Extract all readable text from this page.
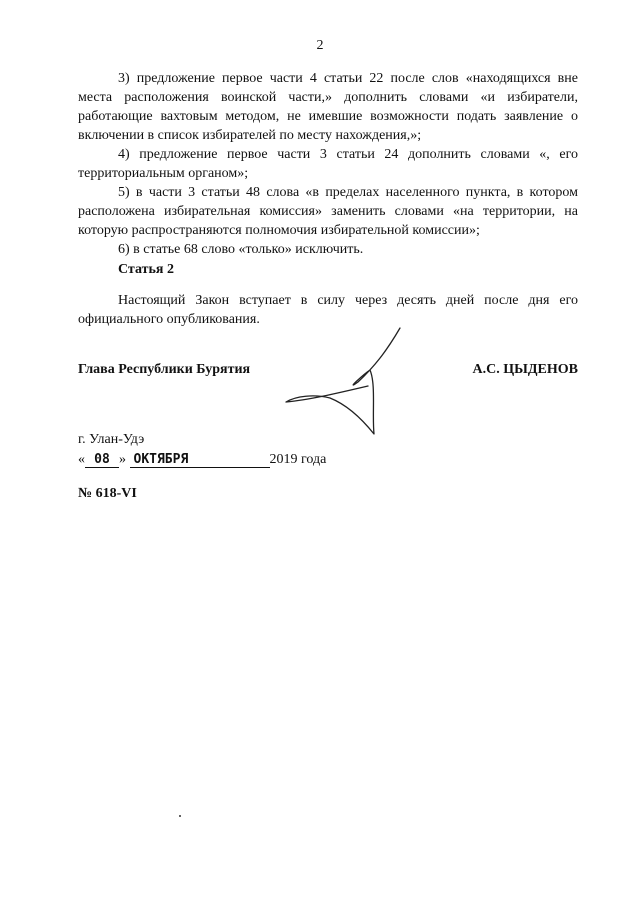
2

3) предложение первое части 4 статьи 22 после слов «находящихся вне места расположения воинской части,» дополнить словами «и избиратели, работающие вахтовым методом, не имевшие возможности подать заявление о включении в список избирателей по месту нахождения,»;

4) предложение первое части 3 статьи 24 дополнить словами «, его территориальным органом»;

5) в части 3 статьи 48 слова «в пределах населенного пункта, в котором расположена избирательная комиссия» заменить словами «на территории, на которую распространяются полномочия избирательной комиссии»;

6) в статье 68 слово «только» исключить.

Статья 2

Настоящий Закон вступает в силу через десять дней после дня его официального опубликования.

Глава Республики Бурятия	А.С. ЦЫДЕНОВ
г. Улан-Удэ
« 08 » ОКТЯБРЯ	2019 года
№ 618-VI
